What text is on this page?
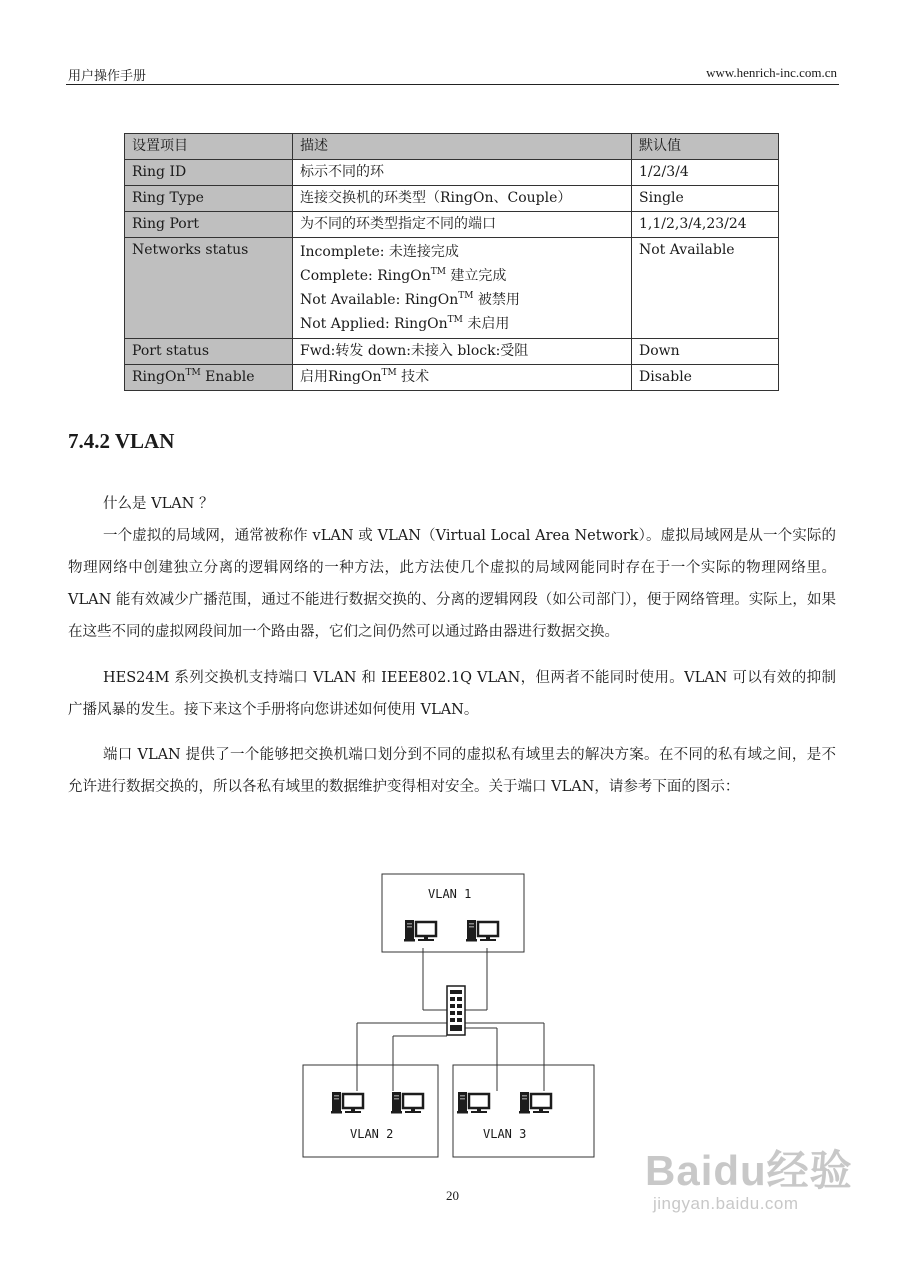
用户操作手册	www.henrich-inc.com.cn
设置项目	描述	默认值
Ring ID	标示不同的环	1/2/3/4
Ring Type	连接交换机的环类型（RingOn、Couple）	Single
Ring Port	为不同的环类型指定不同的端口	1,1/2,3/4,23/24
Networks status	Incomplete: 未连接完成
Complete: RingOn™ 建立完成
Not Available: RingOn™ 被禁用
Not Applied: RingOn™ 未启用	Not Available
Port status	Fwd:转发 down:未接入 block:受阻	Down
RingOn™ Enable	启用RingOn™ 技术	Disable
7.4.2 VLAN

什么是 VLAN ？

一个虚拟的局域网，通常被称作 vLAN 或 VLAN（Virtual Local Area Network）。虚拟局域网是从一个实际的物理网络中创建独立分离的逻辑网络的一种方法，此方法使几个虚拟的局域网能同时存在于一个实际的物理网络里。VLAN 能有效减少广播范围，通过不能进行数据交换的、分离的逻辑网段（如公司部门），便于网络管理。实际上，如果在这些不同的虚拟网段间加一个路由器，它们之间仍然可以通过路由器进行数据交换。

HES24M 系列交换机支持端口 VLAN 和 IEEE802.1Q VLAN，但两者不能同时使用。VLAN 可以有效的抑制广播风暴的发生。接下来这个手册将向您讲述如何使用 VLAN。

端口 VLAN 提供了一个能够把交换机端口划分到不同的虚拟私有域里去的解决方案。在不同的私有域之间，是不允许进行数据交换的，所以各私有域里的数据维护变得相对安全。关于端口 VLAN，请参考下面的图示：

VLAN 1
VLAN 2	VLAN 3
20
Baidu经验
jingyan.baidu.com
